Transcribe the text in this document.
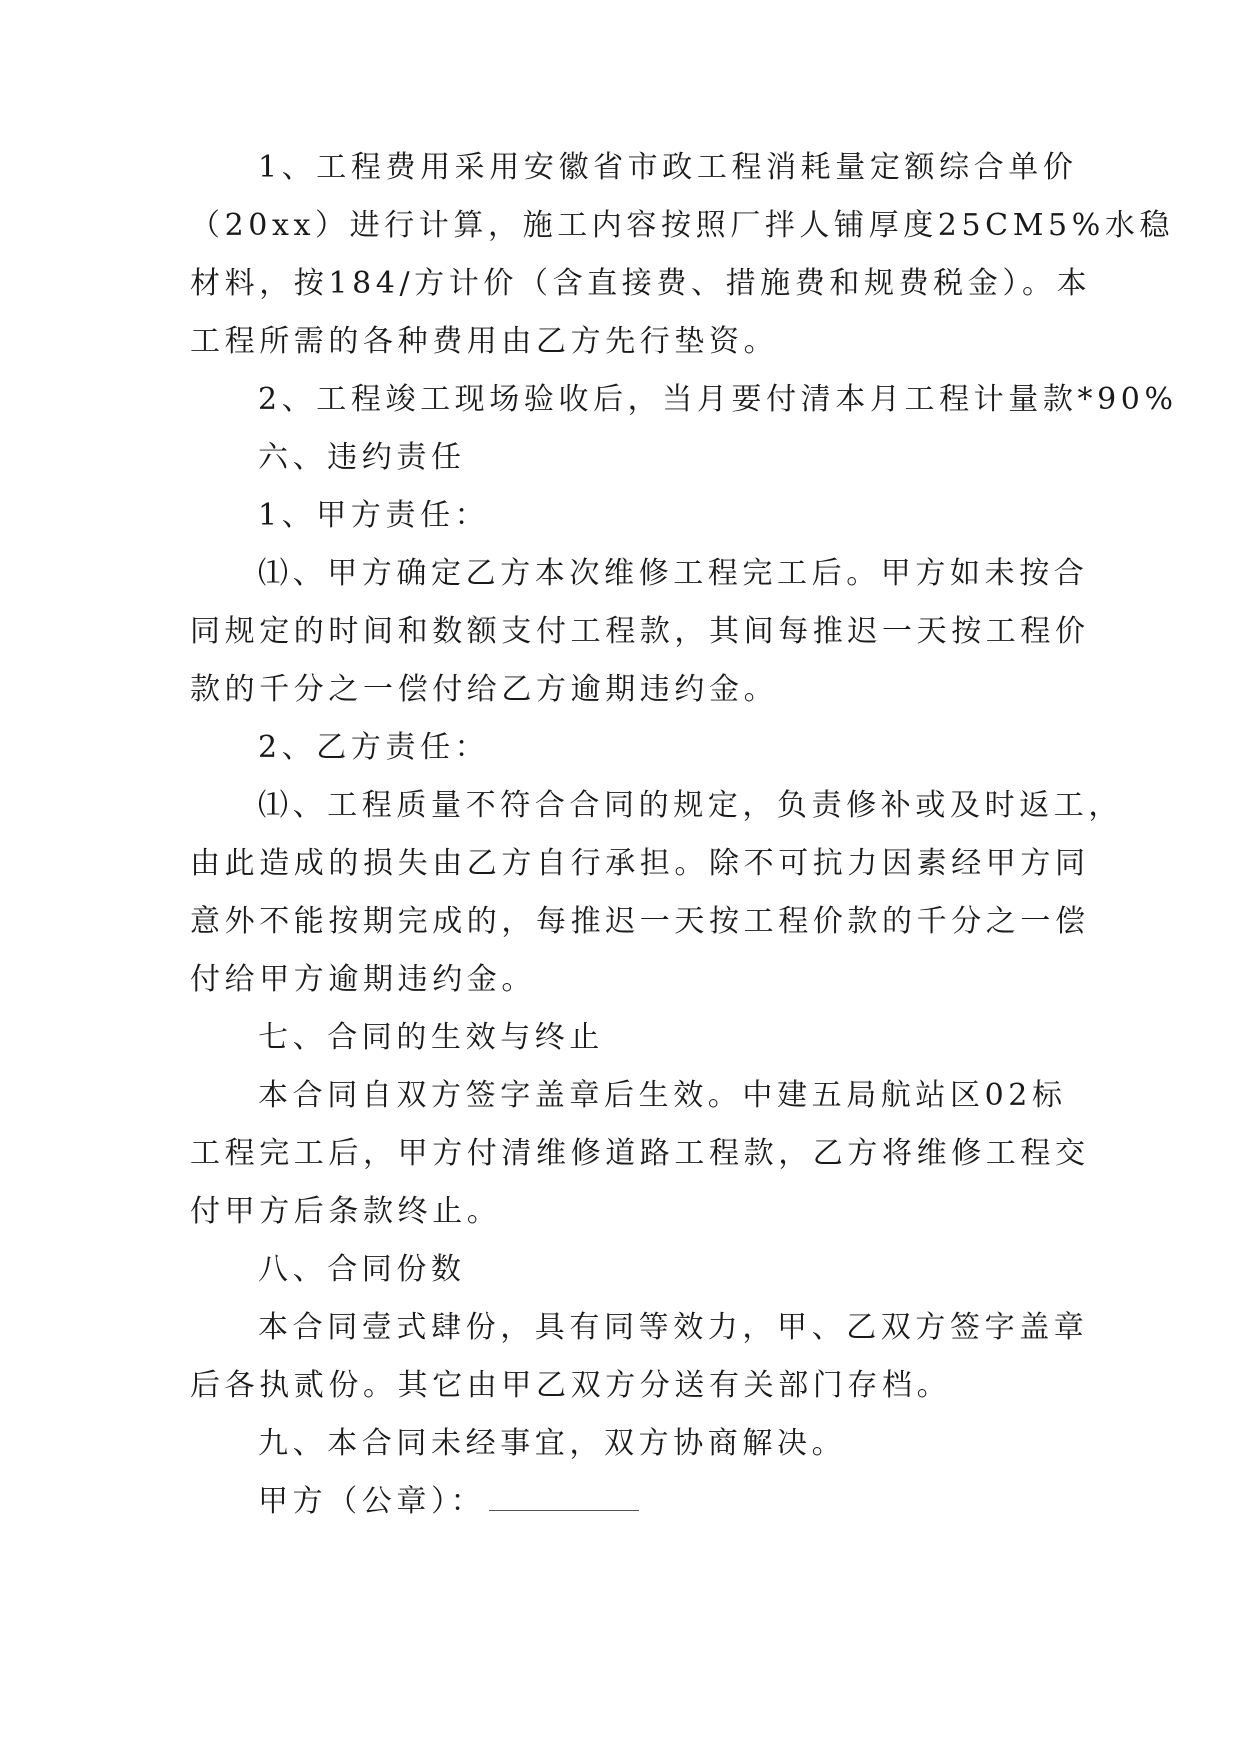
1、工程费用采用安徽省市政工程消耗量定额综合单价
（20xx）进行计算，施工内容按照厂拌人铺厚度25CM5%水稳
材料，按184/方计价（含直接费、措施费和规费税金）。本
工程所需的各种费用由乙方先行垫资。
2、工程竣工现场验收后，当月要付清本月工程计量款*90%
六、违约责任
1、甲方责任：
⑴、甲方确定乙方本次维修工程完工后。甲方如未按合
同规定的时间和数额支付工程款，其间每推迟一天按工程价
款的千分之一偿付给乙方逾期违约金。
2、乙方责任：
⑴、工程质量不符合合同的规定，负责修补或及时返工，
由此造成的损失由乙方自行承担。除不可抗力因素经甲方同
意外不能按期完成的，每推迟一天按工程价款的千分之一偿
付给甲方逾期违约金。
七、合同的生效与终止
本合同自双方签字盖章后生效。中建五局航站区02标
工程完工后，甲方付清维修道路工程款，乙方将维修工程交
付甲方后条款终止。
八、合同份数
本合同壹式肆份，具有同等效力，甲、乙双方签字盖章
后各执贰份。其它由甲乙双方分送有关部门存档。
九、本合同未经事宜，双方协商解决。
甲方（公章）：
